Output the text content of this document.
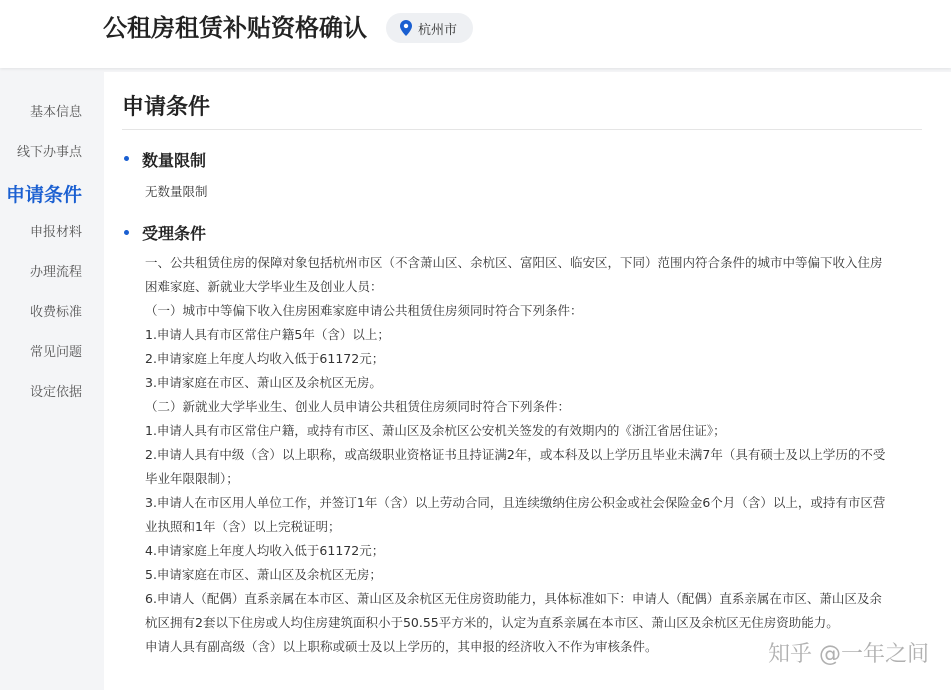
公租房租赁补贴资格确认	杭州市
基本信息
线下办事点
申请条件
申报材料
办理流程
收费标准
常见问题
设定依据
申请条件
数量限制
无数量限制
受理条件
一、公共租赁住房的保障对象包括杭州市区（不含萧山区、余杭区、富阳区、临安区，下同）范围内符合条件的城市中等偏下收入住房
困难家庭、新就业大学毕业生及创业人员：
（一）城市中等偏下收入住房困难家庭申请公共租赁住房须同时符合下列条件：
1.申请人具有市区常住户籍5年（含）以上；
2.申请家庭上年度人均收入低于61172元；
3.申请家庭在市区、萧山区及余杭区无房。
（二）新就业大学毕业生、创业人员申请公共租赁住房须同时符合下列条件：
1.申请人具有市区常住户籍，或持有市区、萧山区及余杭区公安机关签发的有效期内的《浙江省居住证》；
2.申请人具有中级（含）以上职称，或高级职业资格证书且持证满2年，或本科及以上学历且毕业未满7年（具有硕士及以上学历的不受
毕业年限限制）；
3.申请人在市区用人单位工作，并签订1年（含）以上劳动合同，且连续缴纳住房公积金或社会保险金6个月（含）以上，或持有市区营
业执照和1年（含）以上完税证明；
4.申请家庭上年度人均收入低于61172元；
5.申请家庭在市区、萧山区及余杭区无房；
6.申请人（配偶）直系亲属在本市区、萧山区及余杭区无住房资助能力，具体标准如下：申请人（配偶）直系亲属在市区、萧山区及余
杭区拥有2套以下住房或人均住房建筑面积小于50.55平方米的，认定为直系亲属在本市区、萧山区及余杭区无住房资助能力。
申请人具有副高级（含）以上职称或硕士及以上学历的，其申报的经济收入不作为审核条件。	知乎 @一年之间
